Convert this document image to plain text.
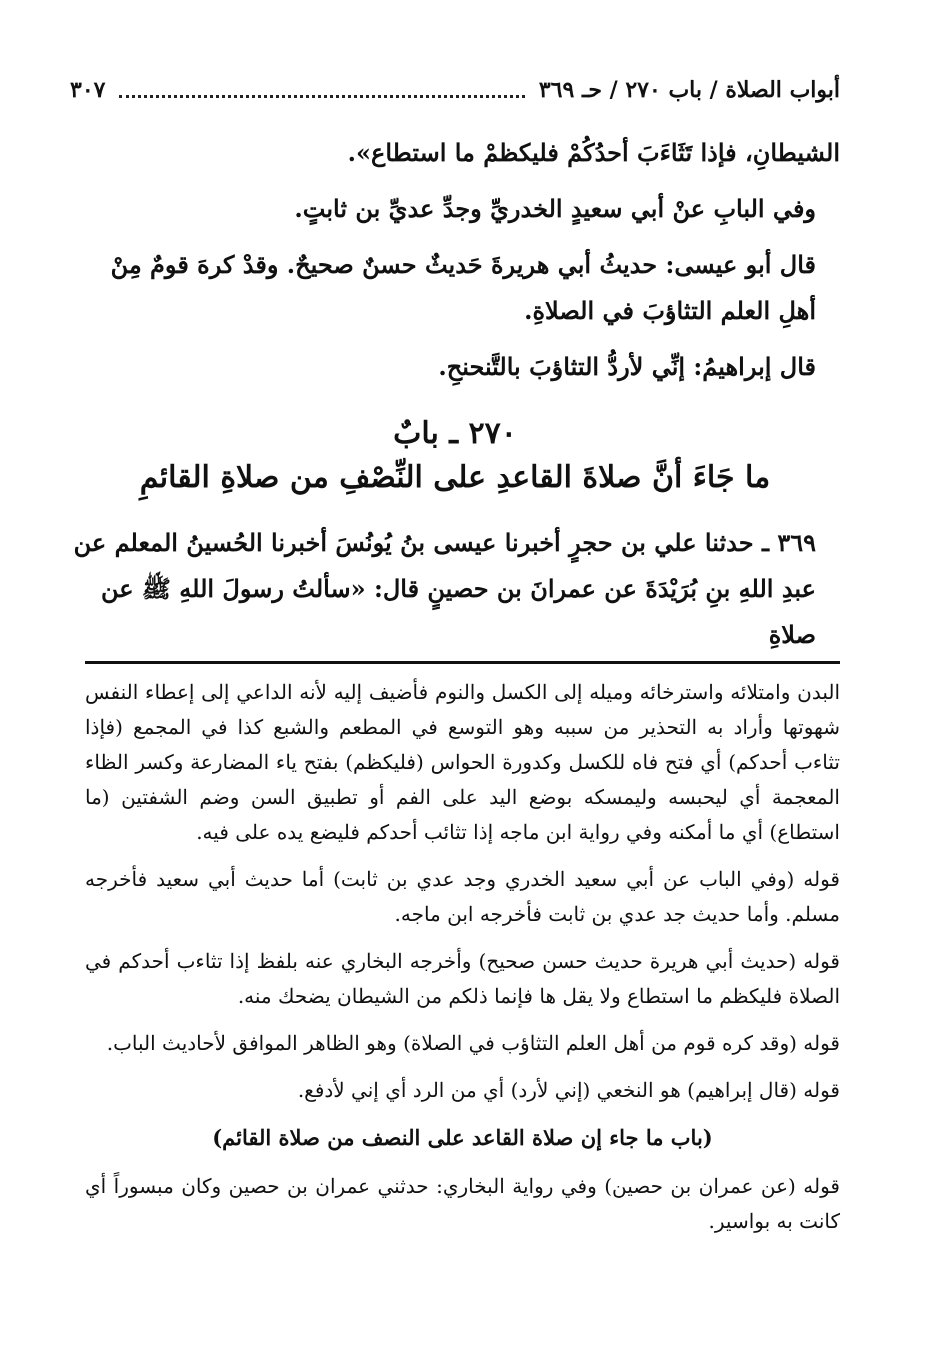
أبواب الصلاة / باب ٢٧٠ / حـ ٣٦٩
٣٠٧

الشيطانِ، فإذا تَثَاءَبَ أحدُكُمْ فليكظمْ ما استطاع».

وفي البابِ عنْ أبي سعيدٍ الخدريِّ وجدِّ عديِّ بن ثابتٍ.

قال أبو عيسى: حديثُ أبي هريرةَ حَديثٌ حسنٌ صحيحٌ. وقدْ كرهَ قومٌ مِنْ أهلِ العلم التثاؤبَ في الصلاةِ.

قال إبراهيمُ: إنِّي لأردُّ التثاؤبَ بالتَّنحنحِ.

٢٧٠ ـ بابٌ
ما جَاءَ أنَّ صلاةَ القاعدِ على النِّصْفِ من صلاةِ القائمِ

٣٦٩ ـ حدثنا علي بن حجرٍ أخبرنا عيسى بنُ يُونُسَ أخبرنا الحُسينُ المعلم عن عبدِ اللهِ بنِ بُرَيْدَةَ عن عمرانَ بن حصينٍ قال: «سألتُ رسولَ اللهِ ﷺ عن صلاةِ

البدن وامتلائه واسترخائه وميله إلى الكسل والنوم فأضيف إليه لأنه الداعي إلى إعطاء النفس شهوتها وأراد به التحذير من سببه وهو التوسع في المطعم والشبع كذا في المجمع (فإذا تثاءب أحدكم) أي فتح فاه للكسل وكدورة الحواس (فليكظم) بفتح ياء المضارعة وكسر الظاء المعجمة أي ليحبسه وليمسكه بوضع اليد على الفم أو تطبيق السن وضم الشفتين (ما استطاع) أي ما أمكنه وفي رواية ابن ماجه إذا تثائب أحدكم فليضع يده على فيه.

قوله (وفي الباب عن أبي سعيد الخدري وجد عدي بن ثابت) أما حديث أبي سعيد فأخرجه مسلم. وأما حديث جد عدي بن ثابت فأخرجه ابن ماجه.

قوله (حديث أبي هريرة حديث حسن صحيح) وأخرجه البخاري عنه بلفظ إذا تثاءب أحدكم في الصلاة فليكظم ما استطاع ولا يقل ها فإنما ذلكم من الشيطان يضحك منه.

قوله (وقد كره قوم من أهل العلم التثاؤب في الصلاة) وهو الظاهر الموافق لأحاديث الباب.

قوله (قال إبراهيم) هو النخعي (إني لأرد) أي من الرد أي إني لأدفع.

(باب ما جاء إن صلاة القاعد على النصف من صلاة القائم)

قوله (عن عمران بن حصين) وفي رواية البخاري: حدثني عمران بن حصين وكان مبسوراً أي كانت به بواسير.
